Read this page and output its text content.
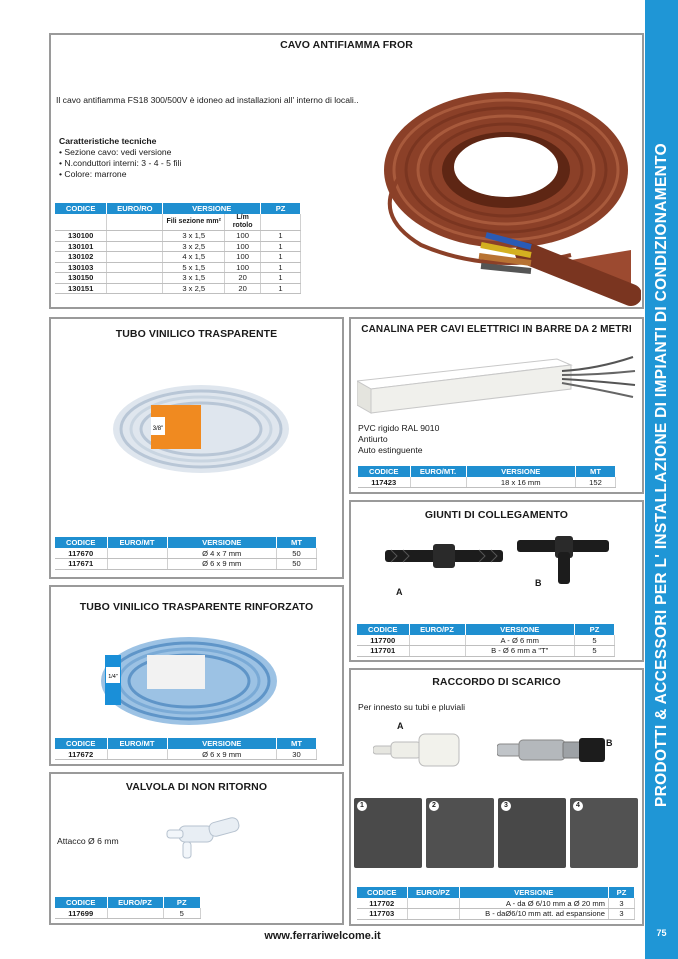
PRODOTTI & ACCESSORI PER L' INSTALLAZIONE DI IMPIANTI DI CONDIZIONAMENTO
75
CAVO ANTIFIAMMA FROR
Il cavo antifiamma FS18 300/500V è idoneo ad installazioni all' interno di locali..
Caratteristiche tecniche
• Sezione cavo: vedi versione
• N.conduttori interni: 3 - 4 - 5 fili
• Colore: marrone
CODICE	EURO/RO	VERSIONE		PZ
		Fili sezione mm²	L/m rotolo	
130100		3 x 1,5	100	1
130101		3 x 2,5	100	1
130102		4 x 1,5	100	1
130103		5 x 1,5	100	1
130150		3 x 1,5	20	1
130151		3 x 2,5	20	1
TUBO VINILICO TRASPARENTE
3/8"
CODICE	EURO/MT	VERSIONE	MT
117670		Ø 4 x 7 mm	50
117671		Ø 6 x 9 mm	50
TUBO VINILICO TRASPARENTE RINFORZATO
1/4"
CODICE	EURO/MT	VERSIONE	MT
117672		Ø 6 x 9 mm	30
VALVOLA DI NON RITORNO
Attacco Ø 6 mm
CODICE	EURO/PZ	PZ
117699		5
CANALINA PER CAVI ELETTRICI IN BARRE DA 2 METRI
PVC rigido RAL 9010
Antiurto
Auto estinguente
CODICE	EURO/MT.	VERSIONE	MT
117423		18 x 16 mm	152
GIUNTI DI COLLEGAMENTO
A
B
CODICE	EURO/PZ	VERSIONE	PZ
117700		A - Ø 6 mm	5
117701		B - Ø 6 mm a "T"	5
RACCORDO DI SCARICO
Per innesto su tubi e pluviali
A
B
1	2	3	4
CODICE	EURO/PZ	VERSIONE	PZ
117702		A - da Ø 6/10 mm a Ø 20 mm	3
117703		B - daØ6/10 mm att. ad espansione	3
www.ferrariwelcome.it
